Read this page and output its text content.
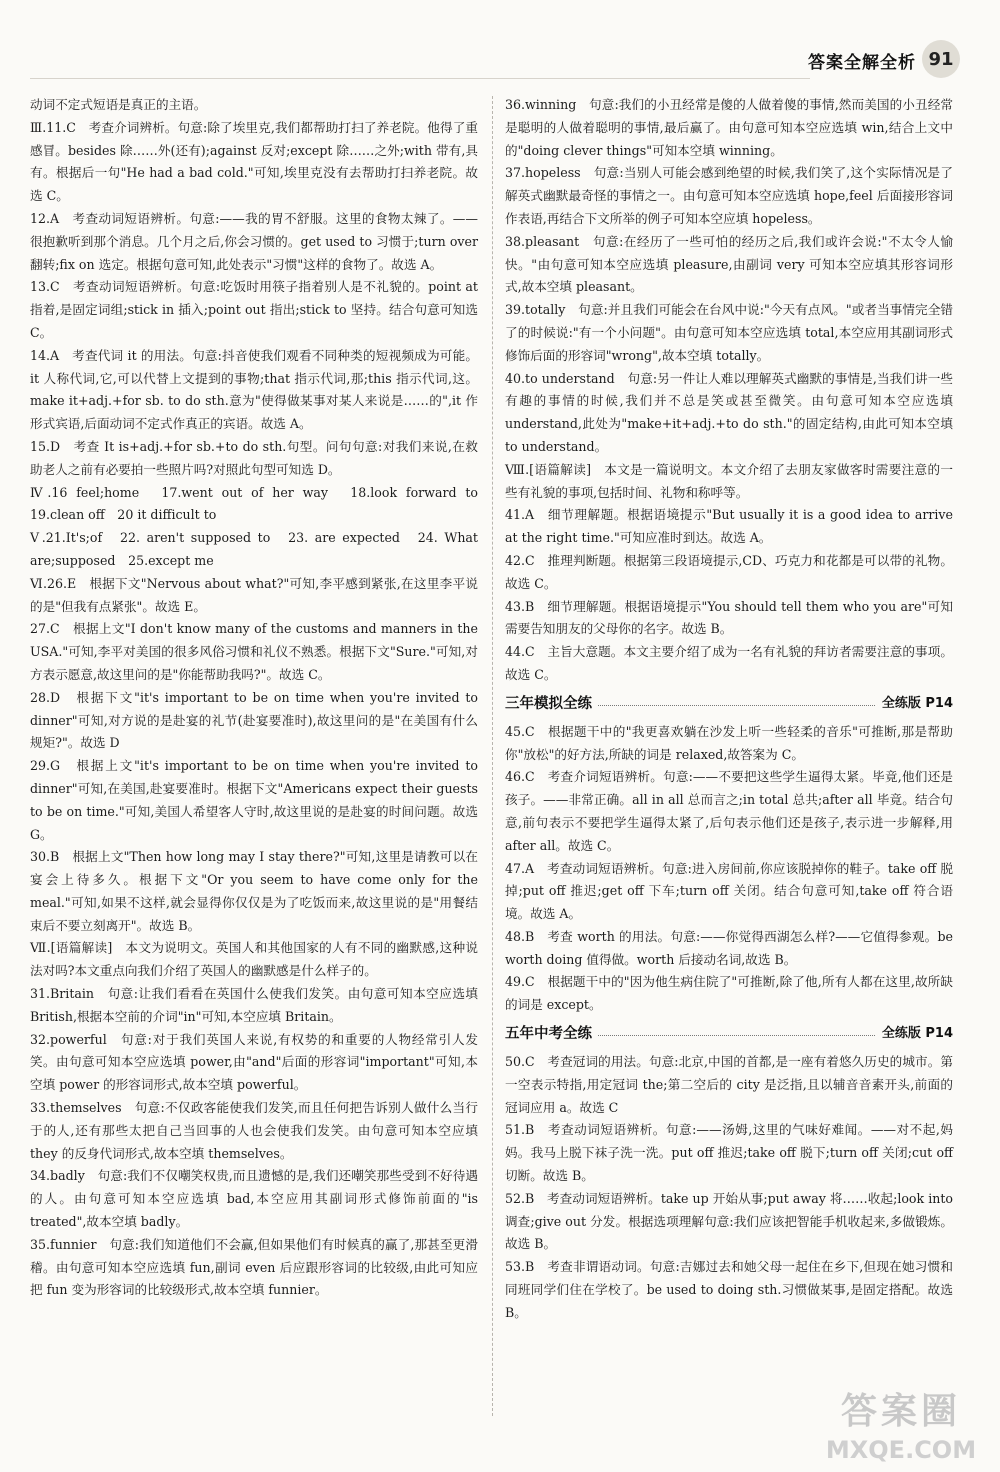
答案全解全析 91

动词不定式短语是真正的主语。

Ⅲ.11.C　考查介词辨析。句意:除了埃里克,我们都帮助打扫了养老院。他得了重感冒。besides 除……外(还有);against 反对;except 除……之外;with 带有,具有。根据后一句"He had a bad cold."可知,埃里克没有去帮助打扫养老院。故选 C。

12.A　考查动词短语辨析。句意:——我的胃不舒服。这里的食物太辣了。——很抱歉听到那个消息。几个月之后,你会习惯的。get used to 习惯于;turn over 翻转;fix on 选定。根据句意可知,此处表示"习惯"这样的食物了。故选 A。

13.C　考查动词短语辨析。句意:吃饭时用筷子指着别人是不礼貌的。point at 指着,是固定词组;stick in 插入;point out 指出;stick to 坚持。结合句意可知选 C。

14.A　考查代词 it 的用法。句意:抖音使我们观看不同种类的短视频成为可能。it 人称代词,它,可以代替上文提到的事物;that 指示代词,那;this 指示代词,这。make it+adj.+for sb. to do sth.意为"使得做某事对某人来说是……的",it 作形式宾语,后面动词不定式作真正的宾语。故选 A。

15.D　考查 It is+adj.+for sb.+to do sth.句型。问句句意:对我们来说,在救助老人之前有必要拍一些照片吗?对照此句型可知选 D。

Ⅳ.16 feel;home　17.went out of her way　18.look forward to　19.clean off　20 it difficult to

Ⅴ.21.It's;of　22. aren't supposed to　23. are expected　24. What are;supposed　25.except me

Ⅵ.26.E　根据下文"Nervous about what?"可知,李平感到紧张,在这里李平说的是"但我有点紧张"。故选 E。

27.C　根据上文"I don't know many of the customs and manners in the USA."可知,李平对美国的很多风俗习惯和礼仪不熟悉。根据下文"Sure."可知,对方表示愿意,故这里问的是"你能帮助我吗?"。故选 C。

28.D　根据下文"it's important to be on time when you're invited to dinner"可知,对方说的是赴宴的礼节(赴宴要准时),故这里问的是"在美国有什么规矩?"。故选 D

29.G　根据上文"it's important to be on time when you're invited to dinner"可知,在美国,赴宴要准时。根据下文"Americans expect their guests to be on time."可知,美国人希望客人守时,故这里说的是赴宴的时间问题。故选 G。

30.B　根据上文"Then how long may I stay there?"可知,这里是请教可以在宴会上待多久。根据下文"Or you seem to have come only for the meal."可知,如果不这样,就会显得你仅仅是为了吃饭而来,故这里说的是"用餐结束后不要立刻离开"。故选 B。

Ⅶ.[语篇解读]　本文为说明文。英国人和其他国家的人有不同的幽默感,这种说法对吗?本文重点向我们介绍了英国人的幽默感是什么样子的。

31.Britain　句意:让我们看看在英国什么使我们发笑。由句意可知本空应选填 British,根据本空前的介词"in"可知,本空应填 Britain。

32.powerful　句意:对于我们英国人来说,有权势的和重要的人物经常引人发笑。由句意可知本空应选填 power,由"and"后面的形容词"important"可知,本空填 power 的形容词形式,故本空填 powerful。

33.themselves　句意:不仅政客能使我们发笑,而且任何把告诉别人做什么当行于的人,还有那些太把自己当回事的人也会使我们发笑。由句意可知本空应填 they 的反身代词形式,故本空填 themselves。

34.badly　句意:我们不仅嘲笑权贵,而且遗憾的是,我们还嘲笑那些受到不好待遇的人。由句意可知本空应选填 bad,本空应用其副词形式修饰前面的"is treated",故本空填 badly。

35.funnier　句意:我们知道他们不会赢,但如果他们有时候真的赢了,那甚至更滑稽。由句意可知本空应选填 fun,副词 even 后应跟形容词的比较级,由此可知应把 fun 变为形容词的比较级形式,故本空填 funnier。

36.winning　句意:我们的小丑经常是傻的人做着傻的事情,然而美国的小丑经常是聪明的人做着聪明的事情,最后赢了。由句意可知本空应选填 win,结合上文中的"doing clever things"可知本空填 winning。

37.hopeless　句意:当别人可能会感到绝望的时候,我们笑了,这个实际情况是了解英式幽默最奇怪的事情之一。由句意可知本空应选填 hope,feel 后面接形容词作表语,再结合下文所举的例子可知本空应填 hopeless。

38.pleasant　句意:在经历了一些可怕的经历之后,我们或许会说:"不太令人愉快。"由句意可知本空应选填 pleasure,由副词 very 可知本空应填其形容词形式,故本空填 pleasant。

39.totally　句意:并且我们可能会在台风中说:"今天有点风。"或者当事情完全错了的时候说:"有一个小问题"。由句意可知本空应选填 total,本空应用其副词形式修饰后面的形容词"wrong",故本空填 totally。

40.to understand　句意:另一件让人难以理解英式幽默的事情是,当我们讲一些有趣的事情的时候,我们并不总是笑或甚至微笑。由句意可知本空应选填 understand,此处为"make+it+adj.+to do sth."的固定结构,由此可知本空填 to understand。

Ⅷ.[语篇解读]　本文是一篇说明文。本文介绍了去朋友家做客时需要注意的一些有礼貌的事项,包括时间、礼物和称呼等。

41.A　细节理解题。根据语境提示"But usually it is a good idea to arrive at the right time."可知应准时到达。故选 A。

42.C　推理判断题。根据第三段语境提示,CD、巧克力和花都是可以带的礼物。故选 C。

43.B　细节理解题。根据语境提示"You should tell them who you are"可知需要告知朋友的父母你的名字。故选 B。

44.C　主旨大意题。本文主要介绍了成为一名有礼貌的拜访者需要注意的事项。故选 C。

三年模拟全练	全练版 P14

45.C　根据题干中的"我更喜欢躺在沙发上听一些轻柔的音乐"可推断,那是帮助你"放松"的好方法,所缺的词是 relaxed,故答案为 C。

46.C　考查介词短语辨析。句意:——不要把这些学生逼得太紧。毕竟,他们还是孩子。——非常正确。all in all 总而言之;in total 总共;after all 毕竟。结合句意,前句表示不要把学生逼得太紧了,后句表示他们还是孩子,表示进一步解释,用 after all。故选 C。

47.A　考查动词短语辨析。句意:进入房间前,你应该脱掉你的鞋子。take off 脱掉;put off 推迟;get off 下车;turn off 关闭。结合句意可知,take off 符合语境。故选 A。

48.B　考查 worth 的用法。句意:——你觉得西湖怎么样?——它值得参观。be worth doing 值得做。worth 后接动名词,故选 B。

49.C　根据题干中的"因为他生病住院了"可推断,除了他,所有人都在这里,故所缺的词是 except。

五年中考全练	全练版 P14

50.C　考查冠词的用法。句意:北京,中国的首都,是一座有着悠久历史的城市。第一空表示特指,用定冠词 the;第二空后的 city 是泛指,且以辅音音素开头,前面的冠词应用 a。故选 C

51.B　考查动词短语辨析。句意:——汤姆,这里的气味好难闻。——对不起,妈妈。我马上脱下袜子洗一洗。put off 推迟;take off 脱下;turn off 关闭;cut off 切断。故选 B。

52.B　考查动词短语辨析。take up 开始从事;put away 将……收起;look into 调查;give out 分发。根据选项理解句意:我们应该把智能手机收起来,多做锻炼。故选 B。

53.B　考查非谓语动词。句意:吉娜过去和她父母一起住在乡下,但现在她习惯和同班同学们住在学校了。be used to doing sth.习惯做某事,是固定搭配。故选 B。

答案圈
MXQE.COM
